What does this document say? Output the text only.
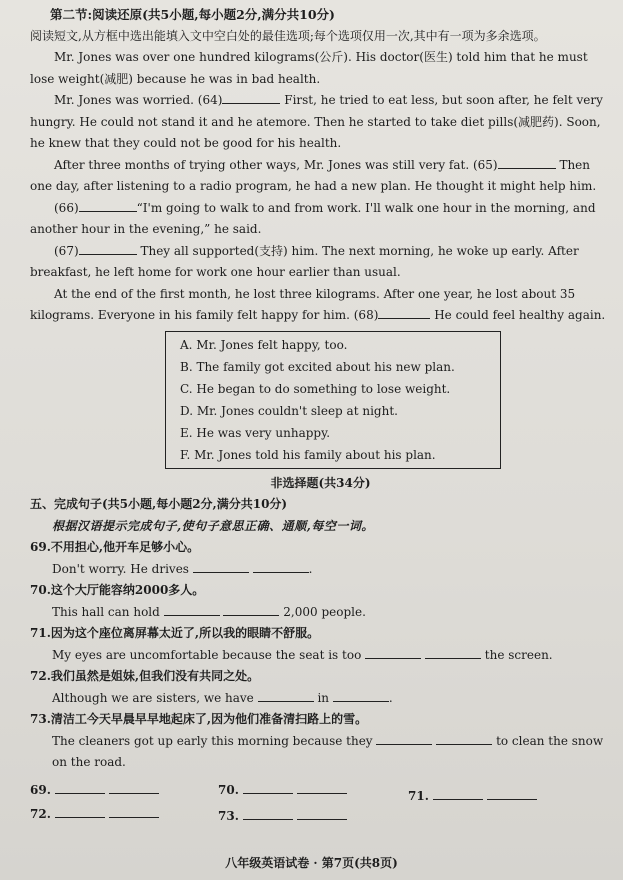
第二节:阅读还原(共5小题,每小题2分,满分共10分)

阅读短文,从方框中选出能填入文中空白处的最佳选项;每个选项仅用一次,其中有一项为多余选项。

Mr. Jones was over one hundred kilograms(公斤). His doctor(医生) told him that he must lose weight(减肥) because he was in bad health.

Mr. Jones was worried. (64)	First, he tried to eat less, but soon after, he felt very hungry. He could not stand it and he atemore. Then he started to take diet pills(减肥药). Soon, he knew that they could not be good for his health.

After three months of trying other ways, Mr. Jones was still very fat. (65)	Then one day, after listening to a radio program, he had a new plan. He thought it might help him.

(66)	“I'm going to walk to and from work. I'll walk one hour in the morning, and another hour in the evening,” he said.

(67)	They all supported(支持) him. The next morning, he woke up early. After breakfast, he left home for work one hour earlier than usual.

At the end of the first month, he lost three kilograms. After one year, he lost about 35 kilograms. Everyone in his family felt happy for him. (68)	He could feel healthy again.

A. Mr. Jones felt happy, too.
B. The family got excited about his new plan.
C. He began to do something to lose weight.
D. Mr. Jones couldn't sleep at night.
E. He was very unhappy.
F. Mr. Jones told his family about his plan.

非选择题(共34分)

五、完成句子(共5小题,每小题2分,满分共10分)

根据汉语提示完成句子,使句子意思正确、通顺,每空一词。

69.不用担心,他开车足够小心。

Don't worry. He drives	.

70.这个大厅能容纳2000多人。

This hall can hold	2,000 people.

71.因为这个座位离屏幕太近了,所以我的眼睛不舒服。

My eyes are uncomfortable because the seat is too	the screen.

72.我们虽然是姐妹,但我们没有共同之处。

Although we are sisters, we have	in	.

73.清洁工今天早晨早早地起床了,因为他们准备清扫路上的雪。

The cleaners got up early this morning because they	to clean the snow on the road.

69.	70.	71.
72.	73.
八年级英语试卷 · 第7页(共8页)
